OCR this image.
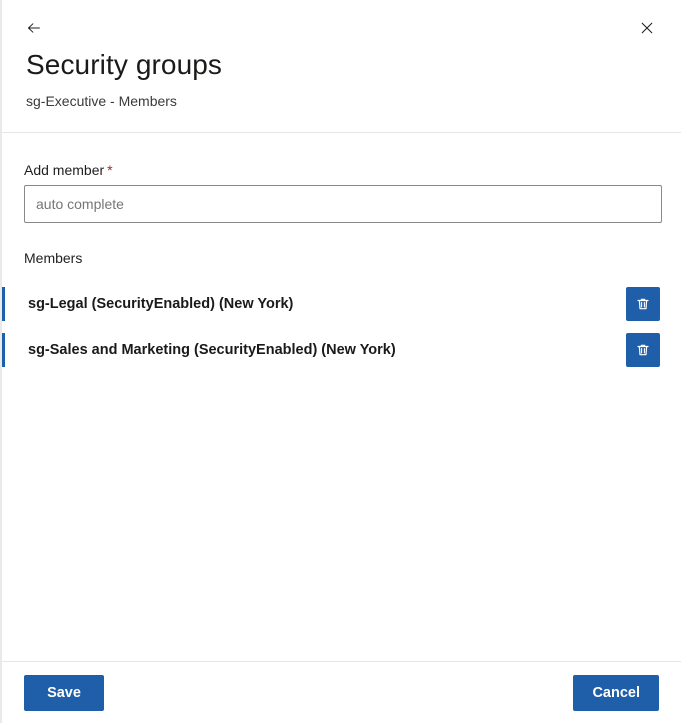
Security groups
sg-Executive - Members
Add member *
auto complete
Members
sg-Legal (SecurityEnabled) (New York)
sg-Sales and Marketing (SecurityEnabled) (New York)
Save	Cancel
